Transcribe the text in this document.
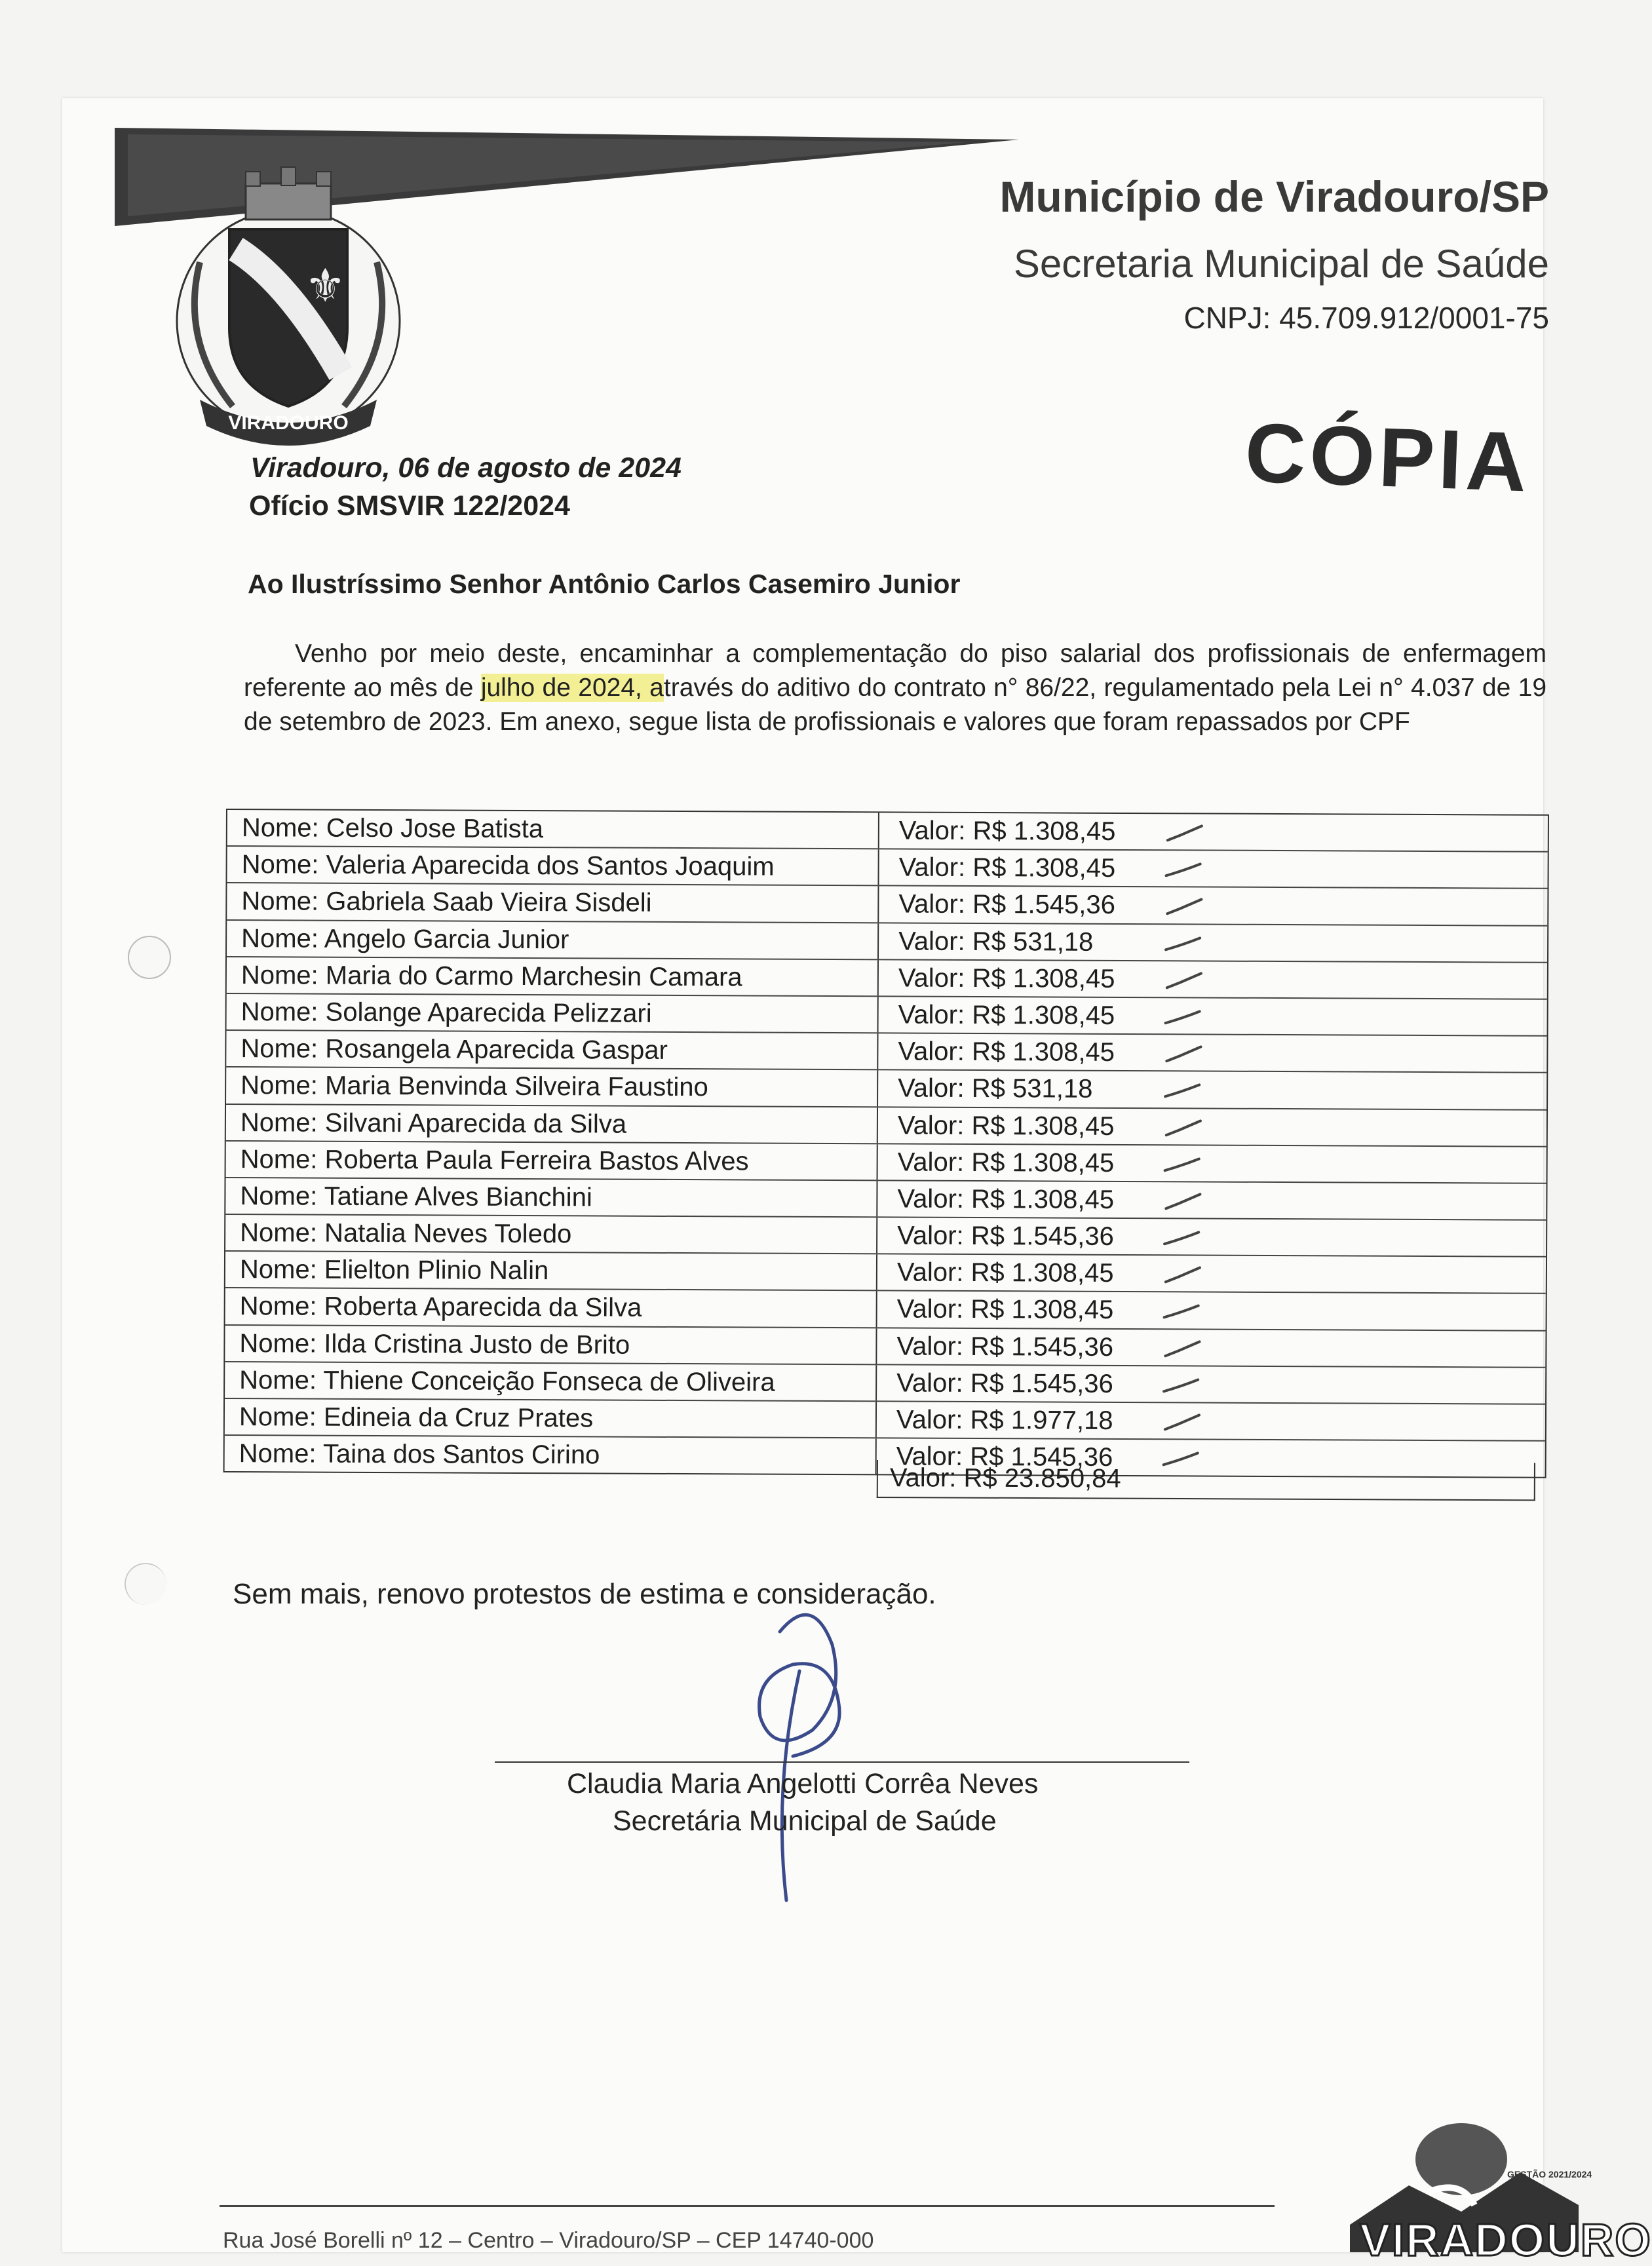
⚜
VIRADOURO
Município de Viradouro/SP
Secretaria Municipal de Saúde
CNPJ: 45.709.912/0001-75
CÓPIA
Viradouro, 06 de agosto de 2024
Ofício SMSVIR 122/2024
Ao Ilustríssimo Senhor Antônio Carlos Casemiro Junior
Venho por meio deste, encaminhar a complementação do piso salarial dos profissionais de enfermagem referente ao mês de julho de 2024, através do aditivo do contrato n° 86/22, regulamentado pela Lei n° 4.037 de 19 de setembro de 2023. Em anexo, segue lista de profissionais e valores que foram repassados por CPF
Nome: Celso Jose Batista	Valor: R$ 1.308,45
Nome: Valeria Aparecida dos Santos Joaquim	Valor: R$ 1.308,45
Nome: Gabriela Saab Vieira Sisdeli	Valor: R$ 1.545,36
Nome: Angelo Garcia Junior	Valor: R$ 531,18
Nome: Maria do Carmo Marchesin Camara	Valor: R$ 1.308,45
Nome: Solange Aparecida Pelizzari	Valor: R$ 1.308,45
Nome: Rosangela Aparecida Gaspar	Valor: R$ 1.308,45
Nome: Maria Benvinda Silveira Faustino	Valor: R$ 531,18
Nome: Silvani Aparecida da Silva	Valor: R$ 1.308,45
Nome: Roberta Paula Ferreira Bastos Alves	Valor: R$ 1.308,45
Nome: Tatiane Alves Bianchini	Valor: R$ 1.308,45
Nome: Natalia Neves Toledo	Valor: R$ 1.545,36
Nome: Elielton Plinio Nalin	Valor: R$ 1.308,45
Nome: Roberta Aparecida da Silva	Valor: R$ 1.308,45
Nome: Ilda Cristina Justo de Brito	Valor: R$ 1.545,36
Nome: Thiene Conceição Fonseca de Oliveira	Valor: R$ 1.545,36
Nome: Edineia da Cruz Prates	Valor: R$ 1.977,18
Nome: Taina dos Santos Cirino	Valor: R$ 1.545,36
Valor: R$ 23.850,84
Sem mais, renovo protestos de estima e consideração.
Claudia Maria Angelotti Corrêa Neves
Secretária Municipal de Saúde
Rua José Borelli nº 12 – Centro – Viradouro/SP – CEP 14740-000
GESTÃO 2021/2024
VIRADOURO
